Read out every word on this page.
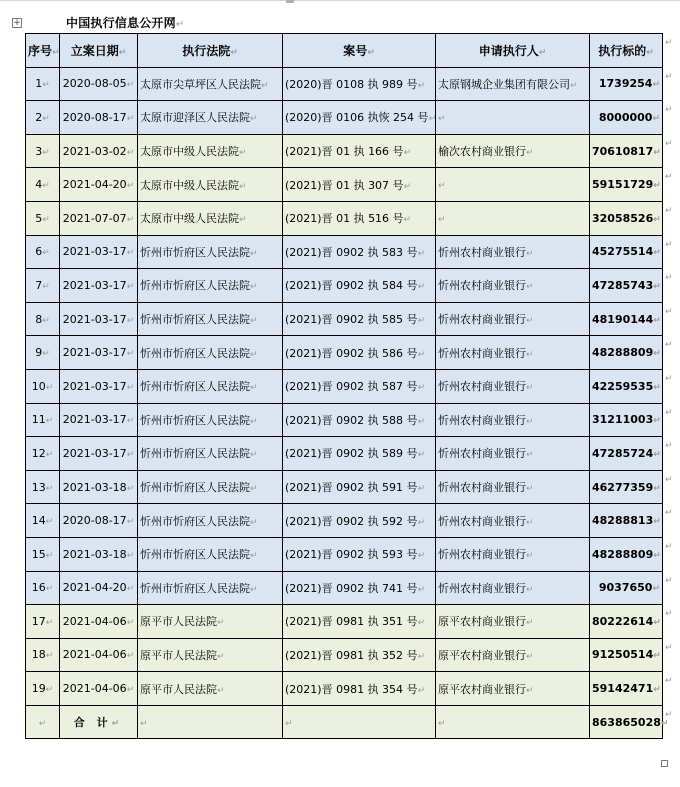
+	中国执行信息公开网↵
序号↵	立案日期↵	执行法院↵	案号↵	申请执行人↵	执行标的↵
1↵	2020-08-05↵	太原市尖草坪区人民法院↵	(2020)晋 0108 执 989 号↵	太原钢城企业集团有限公司↵	1739254↵
2↵	2020-08-17↵	太原市迎泽区人民法院↵	(2020)晋 0106 执恢 254 号↵	↵	8000000↵
3↵	2021-03-02↵	太原市中级人民法院↵	(2021)晋 01 执 166 号↵	榆次农村商业银行↵	70610817↵
4↵	2021-04-20↵	太原市中级人民法院↵	(2021)晋 01 执 307 号↵	↵	59151729↵
5↵	2021-07-07↵	太原市中级人民法院↵	(2021)晋 01 执 516 号↵	↵	32058526↵
6↵	2021-03-17↵	忻州市忻府区人民法院↵	(2021)晋 0902 执 583 号↵	忻州农村商业银行↵	45275514↵
7↵	2021-03-17↵	忻州市忻府区人民法院↵	(2021)晋 0902 执 584 号↵	忻州农村商业银行↵	47285743↵
8↵	2021-03-17↵	忻州市忻府区人民法院↵	(2021)晋 0902 执 585 号↵	忻州农村商业银行↵	48190144↵
9↵	2021-03-17↵	忻州市忻府区人民法院↵	(2021)晋 0902 执 586 号↵	忻州农村商业银行↵	48288809↵
10↵	2021-03-17↵	忻州市忻府区人民法院↵	(2021)晋 0902 执 587 号↵	忻州农村商业银行↵	42259535↵
11↵	2021-03-17↵	忻州市忻府区人民法院↵	(2021)晋 0902 执 588 号↵	忻州农村商业银行↵	31211003↵
12↵	2021-03-17↵	忻州市忻府区人民法院↵	(2021)晋 0902 执 589 号↵	忻州农村商业银行↵	47285724↵
13↵	2021-03-18↵	忻州市忻府区人民法院↵	(2021)晋 0902 执 591 号↵	忻州农村商业银行↵	46277359↵
14↵	2020-08-17↵	忻州市忻府区人民法院↵	(2021)晋 0902 执 592 号↵	忻州农村商业银行↵	48288813↵
15↵	2021-03-18↵	忻州市忻府区人民法院↵	(2021)晋 0902 执 593 号↵	忻州农村商业银行↵	48288809↵
16↵	2021-04-20↵	忻州市忻府区人民法院↵	(2021)晋 0902 执 741 号↵	忻州农村商业银行↵	9037650↵
17↵	2021-04-06↵	原平市人民法院↵	(2021)晋 0981 执 351 号↵	原平农村商业银行↵	80222614↵
18↵	2021-04-06↵	原平市人民法院↵	(2021)晋 0981 执 352 号↵	原平农村商业银行↵	91250514↵
19↵	2021-04-06↵	原平市人民法院↵	(2021)晋 0981 执 354 号↵	原平农村商业银行↵	59142471↵
↵	合 计↵	↵	↵	↵	863865028↵
↵
↵
↵
↵
↵
↵
↵
↵
↵
↵
↵
↵
↵
↵
↵
↵
↵
↵
↵
↵
↵
